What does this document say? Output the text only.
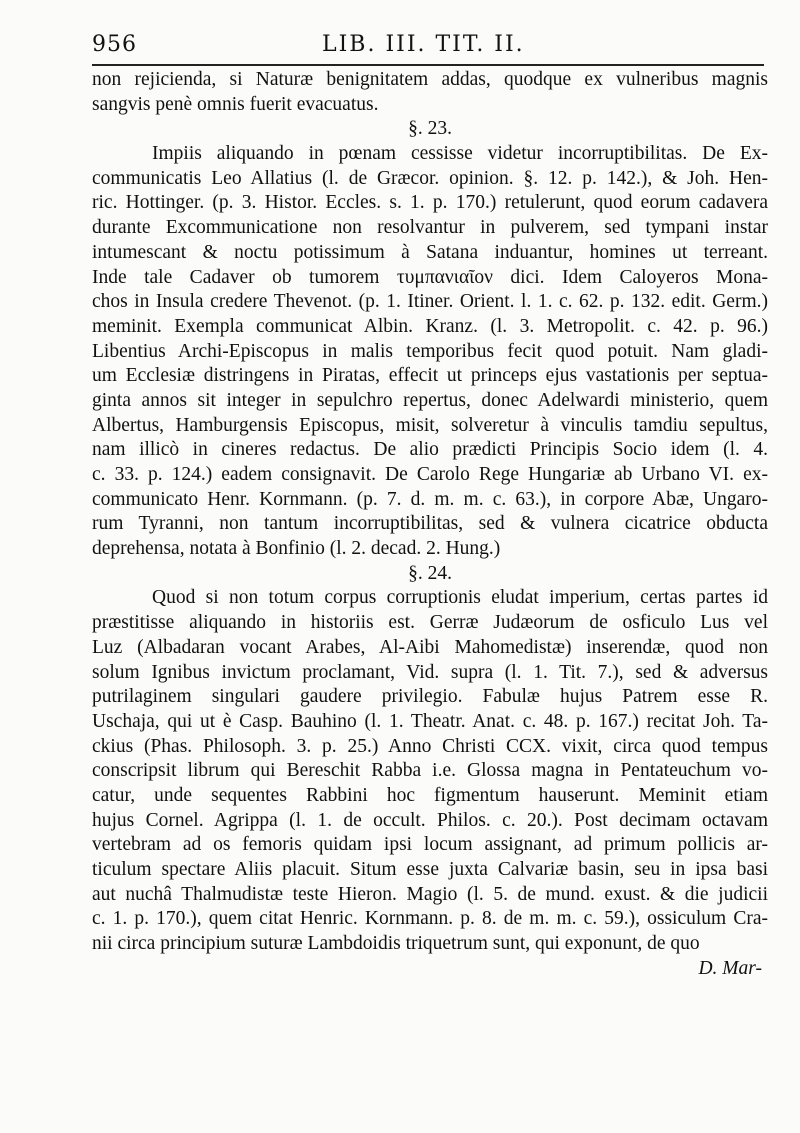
956	LIB. III. TIT. II.
non rejicienda, si Naturæ benignitatem addas, quodque ex vulneribus magnis
sangvis penè omnis fuerit evacuatus.
§. 23.
Impiis aliquando in pœnam cessisse videtur incorruptibilitas. De Ex-
communicatis Leo Allatius (l. de Græcor. opinion. §. 12. p. 142.), & Joh. Hen-
ric. Hottinger. (p. 3. Histor. Eccles. s. 1. p. 170.) retulerunt, quod eorum cadavera
durante Excommunicatione non resolvantur in pulverem, sed tympani instar
intumescant & noctu potissimum à Satana induantur, homines ut terreant.
Inde tale Cadaver ob tumorem τυμπανιαῖον dici. Idem Caloyeros Mona-
chos in Insula credere Thevenot. (p. 1. Itiner. Orient. l. 1. c. 62. p. 132. edit. Germ.)
meminit. Exempla communicat Albin. Kranz. (l. 3. Metropolit. c. 42. p. 96.)
Libentius Archi-Episcopus in malis temporibus fecit quod potuit. Nam gladi-
um Ecclesiæ distringens in Piratas, effecit ut princeps ejus vastationis per septua-
ginta annos sit integer in sepulchro repertus, donec Adelwardi ministerio, quem
Albertus, Hamburgensis Episcopus, misit, solveretur à vinculis tamdiu sepultus,
nam illicò in cineres redactus. De alio prædicti Principis Socio idem (l. 4.
c. 33. p. 124.) eadem consignavit. De Carolo Rege Hungariæ ab Urbano VI. ex-
communicato Henr. Kornmann. (p. 7. d. m. m. c. 63.), in corpore Abæ, Ungaro-
rum Tyranni, non tantum incorruptibilitas, sed & vulnera cicatrice obducta
deprehensa, notata à Bonfinio (l. 2. decad. 2. Hung.)
§. 24.
Quod si non totum corpus corruptionis eludat imperium, certas partes id
præstitisse aliquando in historiis est. Gerræ Judæorum de osficulo Lus vel
Luz (Albadaran vocant Arabes, Al-Aibi Mahomedistæ) inserendæ, quod non
solum Ignibus invictum proclamant, Vid. supra (l. 1. Tit. 7.), sed & adversus
putrilaginem singulari gaudere privilegio. Fabulæ hujus Patrem esse R.
Uschaja, qui ut è Casp. Bauhino (l. 1. Theatr. Anat. c. 48. p. 167.) recitat Joh. Ta-
ckius (Phas. Philosoph. 3. p. 25.) Anno Christi CCX. vixit, circa quod tempus
conscripsit librum qui Bereschit Rabba i.e. Glossa magna in Pentateuchum vo-
catur, unde sequentes Rabbini hoc figmentum hauserunt. Meminit etiam
hujus Cornel. Agrippa (l. 1. de occult. Philos. c. 20.). Post decimam octavam
vertebram ad os femoris quidam ipsi locum assignant, ad primum pollicis ar-
ticulum spectare Aliis placuit. Situm esse juxta Calvariæ basin, seu in ipsa basi
aut nuchâ Thalmudistæ teste Hieron. Magio (l. 5. de mund. exust. & die judicii
c. 1. p. 170.), quem citat Henric. Kornmann. p. 8. de m. m. c. 59.), ossiculum Cra-
nii circa principium suturæ Lambdoidis triquetrum sunt, qui exponunt, de quo
D. Mar-
